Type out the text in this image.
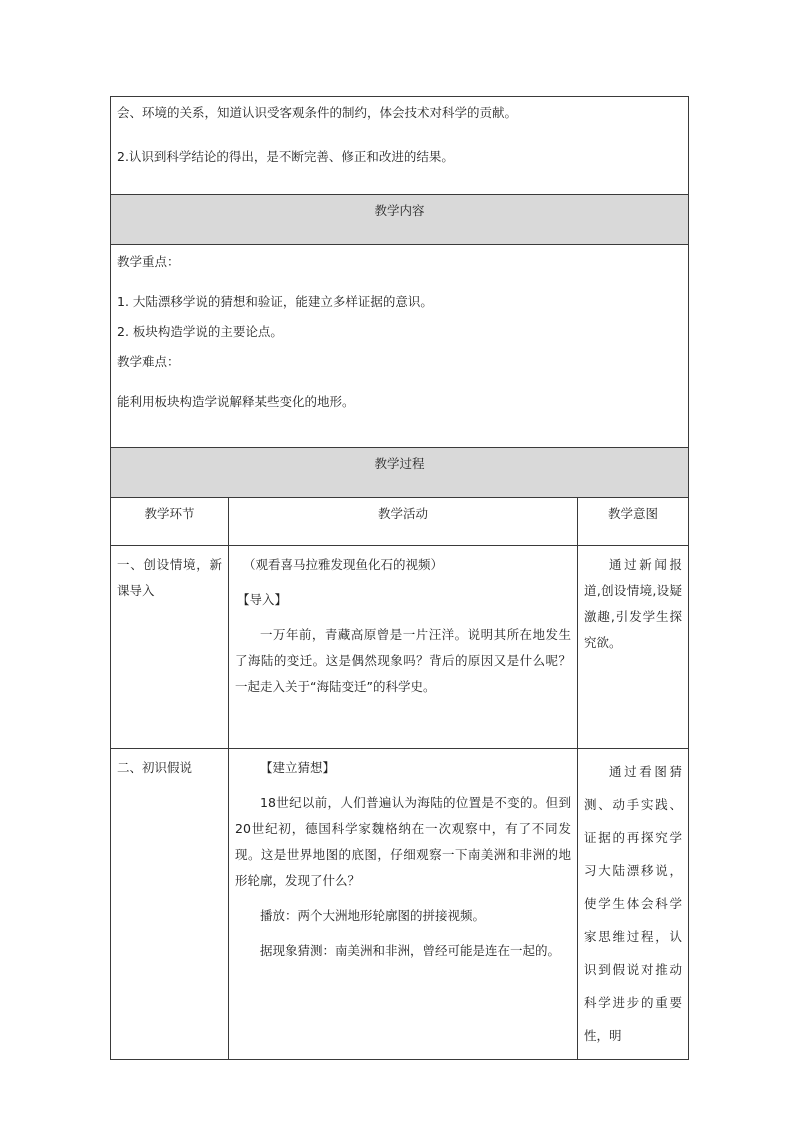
会、环境的关系，知道认识受客观条件的制约，体会技术对科学的贡献。

2.认识到科学结论的得出，是不断完善、修正和改进的结果。		

教学内容		

教学重点：

1. 大陆漂移学说的猜想和验证，能建立多样证据的意识。

2. 板块构造学说的主要论点。

教学难点：

能利用板块构造学说解释某些变化的地形。		

教学过程		
教学环节	教学活动	教学意图
一、创设情境，新课导入	（观看喜马拉雅发现鱼化石的视频）

【导入】

一万年前，青藏高原曾是一片汪洋。说明其所在地发生了海陆的变迁。这是偶然现象吗？背后的原因又是什么呢？一起走入关于“海陆变迁”的科学史。	通过新闻报道,创设情境,设疑激趣,引发学生探究欲。
二、初识假说	【建立猜想】

18世纪以前，人们普遍认为海陆的位置是不变的。但到20世纪初，德国科学家魏格纳在一次观察中，有了不同发现。这是世界地图的底图，仔细观察一下南美洲和非洲的地形轮廓，发现了什么？

播放：两个大洲地形轮廓图的拼接视频。

据现象猜测：南美洲和非洲，曾经可能是连在一起的。	通过看图猜测、动手实践、证据的再探究学习大陆漂移说，使学生体会科学家思维过程，认识到假说对推动科学进步的重要性，明
